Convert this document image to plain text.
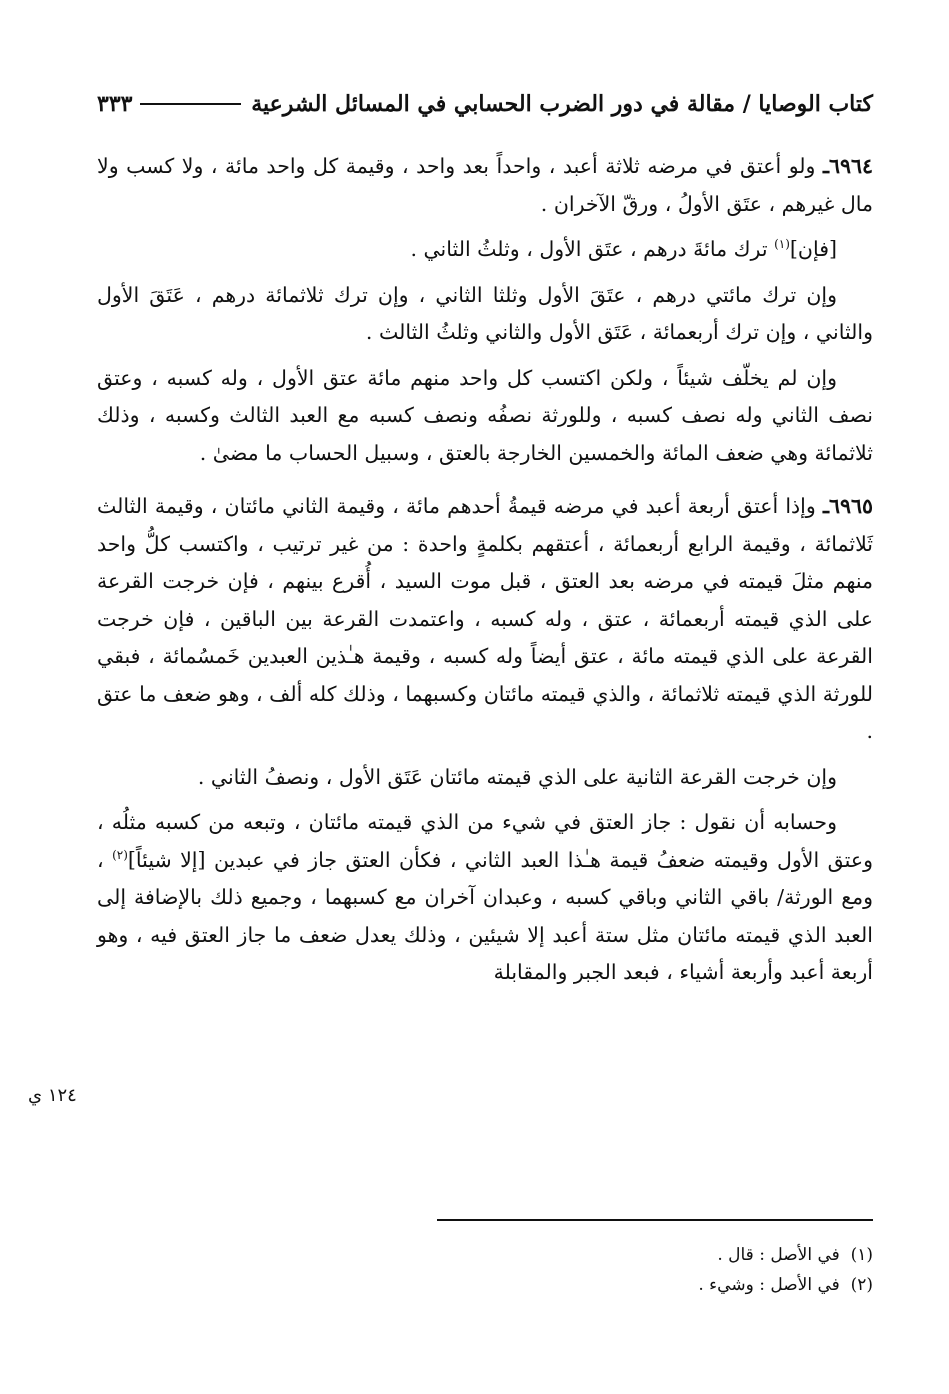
كتاب الوصايا / مقالة في دور الضرب الحسابي في المسائل الشرعية
٣٣٣

٦٩٦٤ـ ولو أعتق في مرضه ثلاثة أعبد ، واحداً بعد واحد ، وقيمة كل واحد مائة ، ولا كسب ولا مال غيرهم ، عتَق الأولُ ، ورقّ الآخران .

[فإن]$^{(١)}$ ترك مائةَ درهم ، عتَق الأول ، وثلثُ الثاني .

وإن ترك مائتي درهم ، عتَقَ الأول وثلثا الثاني ، وإن ترك ثلاثمائة درهم ، عَتَقَ الأول والثاني ، وإن ترك أربعمائة ، عَتَق الأول والثاني وثلثُ الثالث .

وإن لم يخلّف شيئاً ، ولكن اكتسب كل واحد منهم مائة عتق الأول ، وله كسبه ، وعتق نصف الثاني وله نصف كسبه ، وللورثة نصفُه ونصف كسبه مع العبد الثالث وكسبه ، وذلك ثلاثمائة وهي ضعف المائة والخمسين الخارجة بالعتق ، وسبيل الحساب ما مضىٰ .

٦٩٦٥ـ وإذا أعتق أربعة أعبد في مرضه قيمةُ أحدهم مائة ، وقيمة الثاني مائتان ، وقيمة الثالث ثَلاثمائة ، وقيمة الرابع أربعمائة ، أعتقهم بكلمةٍ واحدة : من غير ترتيب ، واكتسب كلُّ واحد منهم مثلَ قيمته في مرضه بعد العتق ، قبل موت السيد ، أُقرع بينهم ، فإن خرجت القرعة على الذي قيمته أربعمائة ، عتق ، وله كسبه ، واعتمدت القرعة بين الباقين ، فإن خرجت القرعة على الذي قيمته مائة ، عتق أيضاً وله كسبه ، وقيمة هـٰذين العبدين خَمسُمائة ، فبقي للورثة الذي قيمته ثلاثمائة ، والذي قيمته مائتان وكسبهما ، وذلك كله ألف ، وهو ضعف ما عتق .

وإن خرجت القرعة الثانية على الذي قيمته مائتان عَتَق الأول ، ونصفُ الثاني .

وحسابه أن نقول : جاز العتق في شيء من الذي قيمته مائتان ، وتبعه من كسبه مثلُه ، وعتق الأول وقيمته ضعفُ قيمة هـٰذا العبد الثاني ، فكأن العتق جاز في عبدين [إلا شيئاً]$^{(٢)}$ ، ومع الورثة/ باقي الثاني وباقي كسبه ، وعبدان آخران مع كسبهما ، وجميع ذلك بالإضافة إلى العبد الذي قيمته مائتان مثل ستة أعبد إلا شيئين ، وذلك يعدل ضعف ما جاز العتق فيه ، وهو أربعة أعبد وأربعة أشياء ، فبعد الجبر والمقابلة

١٢٤ ي
(١)  في الأصل : قال .
(٢)  في الأصل : وشيء .
